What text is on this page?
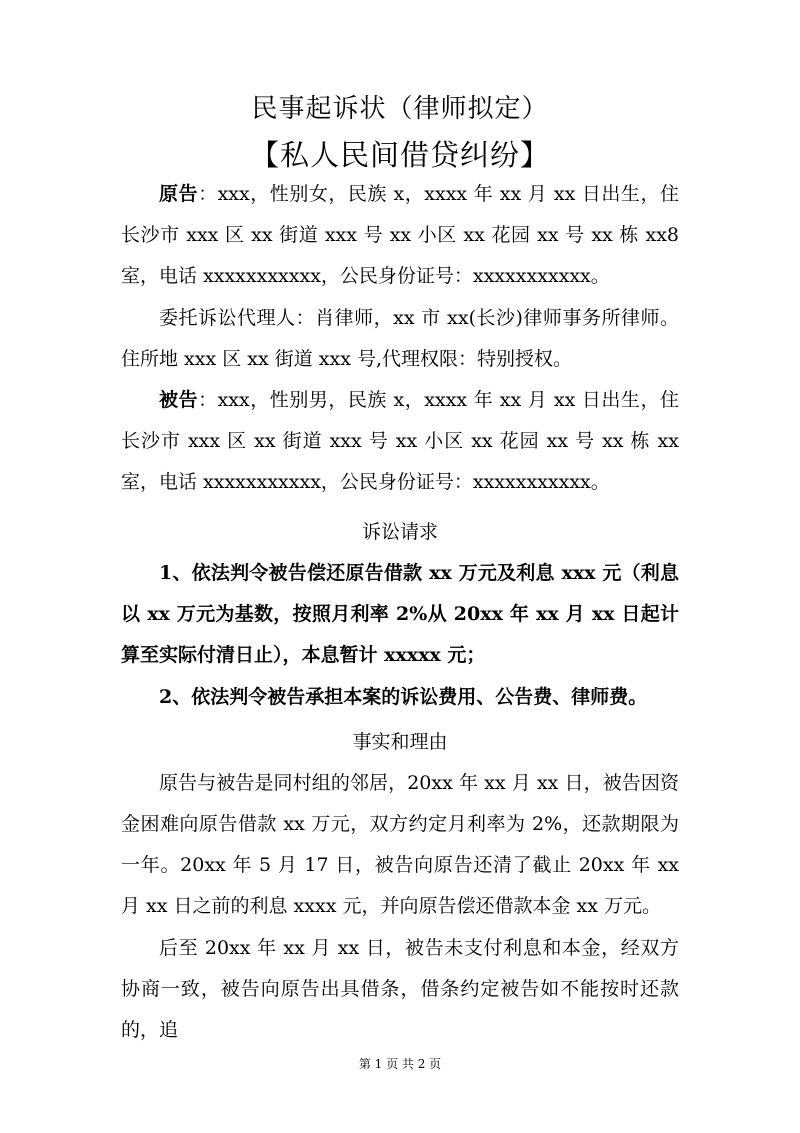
民事起诉状（律师拟定）
【私人民间借贷纠纷】
原告：xxx，性别女，民族 x，xxxx 年 xx 月 xx 日出生，住长沙市 xxx 区 xx 街道 xxx 号 xx 小区 xx 花园 xx 号 xx 栋 xx8 室，电话 xxxxxxxxxxx，公民身份证号：xxxxxxxxxxx。
委托诉讼代理人：肖律师，xx 市 xx(长沙)律师事务所律师。住所地 xxx 区 xx 街道 xxx 号,代理权限：特别授权。
被告：xxx，性别男，民族 x，xxxx 年 xx 月 xx 日出生，住长沙市 xxx 区 xx 街道 xxx 号 xx 小区 xx 花园 xx 号 xx 栋 xx 室，电话 xxxxxxxxxxx，公民身份证号：xxxxxxxxxxx。
诉讼请求
1、依法判令被告偿还原告借款 xx 万元及利息 xxx 元（利息以 xx 万元为基数，按照月利率 2%从 20xx 年 xx 月 xx 日起计算至实际付清日止），本息暂计 xxxxx 元；
2、依法判令被告承担本案的诉讼费用、公告费、律师费。
事实和理由
原告与被告是同村组的邻居，20xx 年 xx 月 xx 日，被告因资金困难向原告借款 xx 万元，双方约定月利率为 2%，还款期限为一年。20xx 年 5 月 17 日，被告向原告还清了截止 20xx 年 xx 月 xx 日之前的利息 xxxx 元，并向原告偿还借款本金 xx 万元。
后至 20xx 年 xx 月 xx 日，被告未支付利息和本金，经双方协商一致，被告向原告出具借条，借条约定被告如不能按时还款的，追
第 1 页 共 2 页
